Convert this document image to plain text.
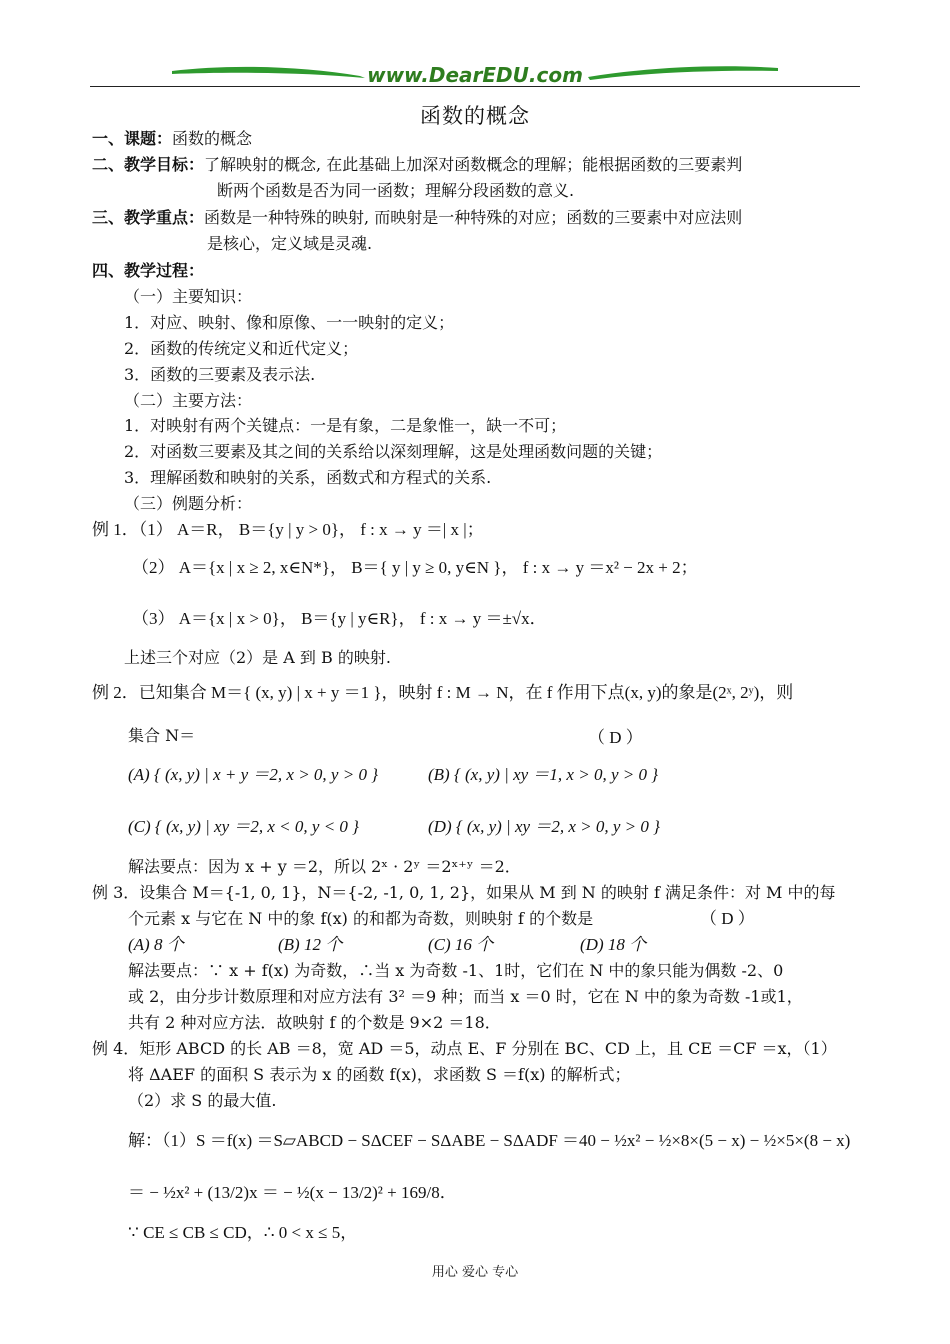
www.DearEDU.com
函数的概念
一、课题：函数的概念
二、教学目标：了解映射的概念, 在此基础上加深对函数概念的理解；能根据函数的三要素判
断两个函数是否为同一函数；理解分段函数的意义.
三、教学重点：函数是一种特殊的映射, 而映射是一种特殊的对应；函数的三要素中对应法则
是核心，定义域是灵魂.
四、教学过程：
（一）主要知识：
1．对应、映射、像和原像、一一映射的定义；
2．函数的传统定义和近代定义；
3．函数的三要素及表示法.
（二）主要方法：
1．对映射有两个关键点：一是有象，二是象惟一，缺一不可；
2．对函数三要素及其之间的关系给以深刻理解，这是处理函数问题的关键；
3．理解函数和映射的关系，函数式和方程式的关系.
（三）例题分析：
例 1．（1） A＝R， B＝{y | y > 0}， f : x → y ＝| x |；
（2） A＝{x | x ≥ 2, x∈N*}， B＝{ y | y ≥ 0, y∈N }， f : x → y ＝x² − 2x + 2；
（3） A＝{x | x > 0}， B＝{y | y∈R}， f : x → y ＝±√x．
上述三个对应（2）是 A 到 B 的映射.
例 2．已知集合 M＝{ (x, y) | x + y ＝1 }，映射 f : M → N，在 f 作用下点(x, y)的象是(2ˣ, 2ʸ)，则
集合 N＝	（ D ）
(A) { (x, y) | x + y ＝2, x > 0, y > 0 }	(B) { (x, y) | xy ＝1, x > 0, y > 0 }
(C) { (x, y) | xy ＝2, x < 0, y < 0 }	(D) { (x, y) | xy ＝2, x > 0, y > 0 }
解法要点：因为 x + y ＝2，所以 2ˣ · 2ʸ ＝2ˣ⁺ʸ ＝2．
例 3．设集合 M＝{-1, 0, 1}，N＝{-2, -1, 0, 1, 2}，如果从 M 到 N 的映射 f 满足条件：对 M 中的每
个元素 x 与它在 N 中的象 f(x) 的和都为奇数，则映射 f 的个数是	（ D ）
(A) 8 个	(B) 12 个	(C) 16 个	(D) 18 个
解法要点：∵ x + f(x) 为奇数，∴当 x 为奇数 -1、1时，它们在 N 中的象只能为偶数 -2、0
或 2，由分步计数原理和对应方法有 3² ＝9 种；而当 x ＝0 时，它在 N 中的象为奇数 -1或1，
共有 2 种对应方法．故映射 f 的个数是 9×2 ＝18．
例 4．矩形 ABCD 的长 AB ＝8，宽 AD ＝5，动点 E、F 分别在 BC、CD 上，且 CE ＝CF ＝x，（1）
将 ΔAEF 的面积 S 表示为 x 的函数 f(x)，求函数 S ＝f(x) 的解析式；
（2）求 S 的最大值.
解：（1）S ＝f(x) ＝S▱ABCD − SΔCEF − SΔABE − SΔADF ＝40 − ½x² − ½×8×(5 − x) − ½×5×(8 − x)
＝ − ½x² + (13/2)x ＝ − ½(x − 13/2)² + 169/8．
∵ CE ≤ CB ≤ CD，∴ 0 < x ≤ 5，
用心 爱心 专心
